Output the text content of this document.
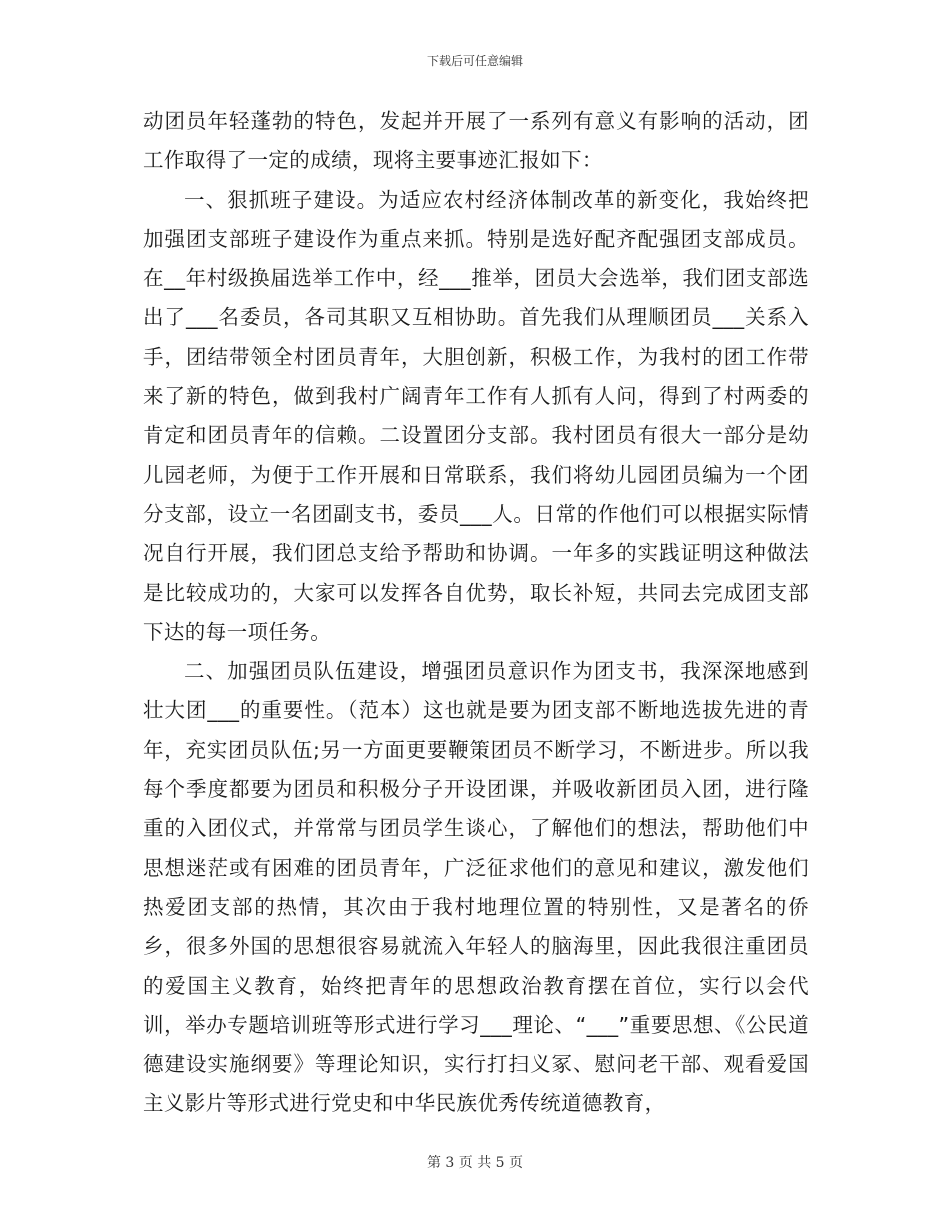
下载后可任意编辑

动团员年轻蓬勃的特色，发起并开展了一系列有意义有影响的活动，团工作取得了一定的成绩，现将主要事迹汇报如下：

一、狠抓班子建设。为适应农村经济体制改革的新变化，我始终把加强团支部班子建设作为重点来抓。特别是选好配齐配强团支部成员。在__年村级换届选举工作中，经___推举，团员大会选举，我们团支部选出了___名委员，各司其职又互相协助。首先我们从理顺团员___关系入手，团结带领全村团员青年，大胆创新，积极工作，为我村的团工作带来了新的特色，做到我村广阔青年工作有人抓有人问，得到了村两委的肯定和团员青年的信赖。二设置团分支部。我村团员有很大一部分是幼儿园老师，为便于工作开展和日常联系，我们将幼儿园团员编为一个团分支部，设立一名团副支书，委员___人。日常的作他们可以根据实际情况自行开展，我们团总支给予帮助和协调。一年多的实践证明这种做法是比较成功的，大家可以发挥各自优势，取长补短，共同去完成团支部下达的每一项任务。

二、加强团员队伍建设，增强团员意识作为团支书，我深深地感到壮大团___的重要性。（范本）这也就是要为团支部不断地选拔先进的青年，充实团员队伍;另一方面更要鞭策团员不断学习，不断进步。所以我每个季度都要为团员和积极分子开设团课，并吸收新团员入团，进行隆重的入团仪式，并常常与团员学生谈心，了解他们的想法，帮助他们中思想迷茫或有困难的团员青年，广泛征求他们的意见和建议，激发他们热爱团支部的热情，其次由于我村地理位置的特别性，又是著名的侨乡，很多外国的思想很容易就流入年轻人的脑海里，因此我很注重团员的爱国主义教育，始终把青年的思想政治教育摆在首位，实行以会代训，举办专题培训班等形式进行学习___理论、“___”重要思想、《公民道德建设实施纲要》等理论知识，实行打扫义冢、慰问老干部、观看爱国主义影片等形式进行党史和中华民族优秀传统道德教育，

第 3 页 共 5 页
